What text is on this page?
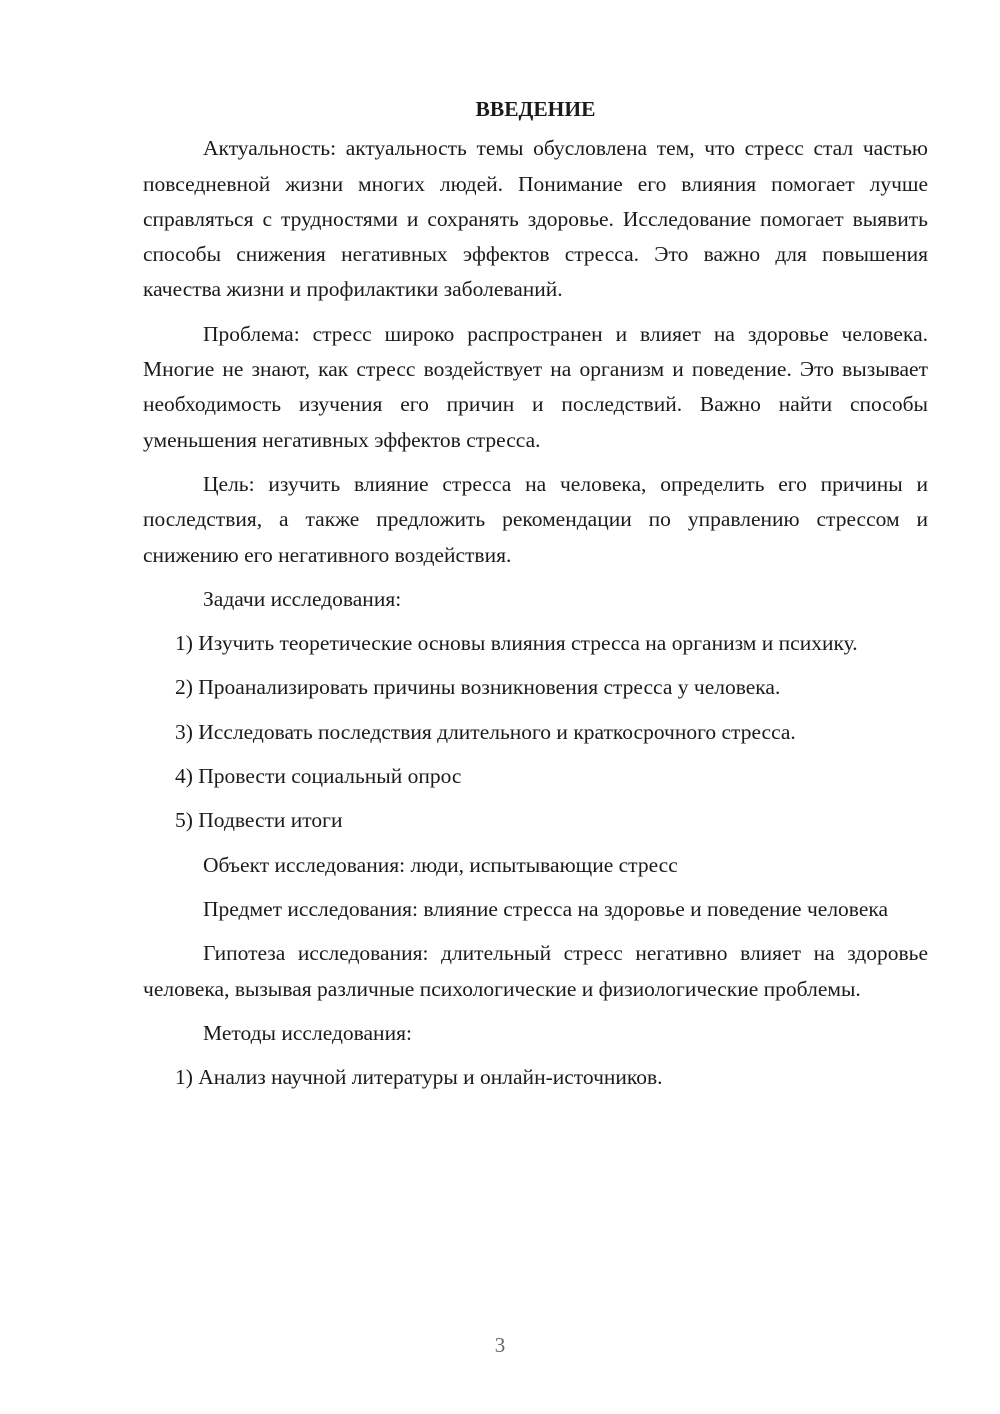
ВВЕДЕНИЕ

Актуальность: актуальность темы обусловлена тем, что стресс стал частью повседневной жизни многих людей. Понимание его влияния помогает лучше справляться с трудностями и сохранять здоровье. Исследование помогает выявить способы снижения негативных эффектов стресса. Это важно для повышения качества жизни и профилактики заболеваний.

Проблема: стресс широко распространен и влияет на здоровье человека. Многие не знают, как стресс воздействует на организм и поведение. Это вызывает необходимость изучения его причин и последствий. Важно найти способы уменьшения негативных эффектов стресса.

Цель: изучить влияние стресса на человека, определить его причины и последствия, а также предложить рекомендации по управлению стрессом и снижению его негативного воздействия.

Задачи исследования:

1) Изучить теоретические основы влияния стресса на организм и психику.

2) Проанализировать причины возникновения стресса у человека.

3) Исследовать последствия длительного и краткосрочного стресса.

4) Провести социальный опрос

5) Подвести итоги

Объект исследования: люди, испытывающие стресс

Предмет исследования: влияние стресса на здоровье и поведение человека

Гипотеза исследования: длительный стресс негативно влияет на здоровье человека, вызывая различные психологические и физиологические проблемы.

Методы исследования:

1) Анализ научной литературы и онлайн-источников.

3
